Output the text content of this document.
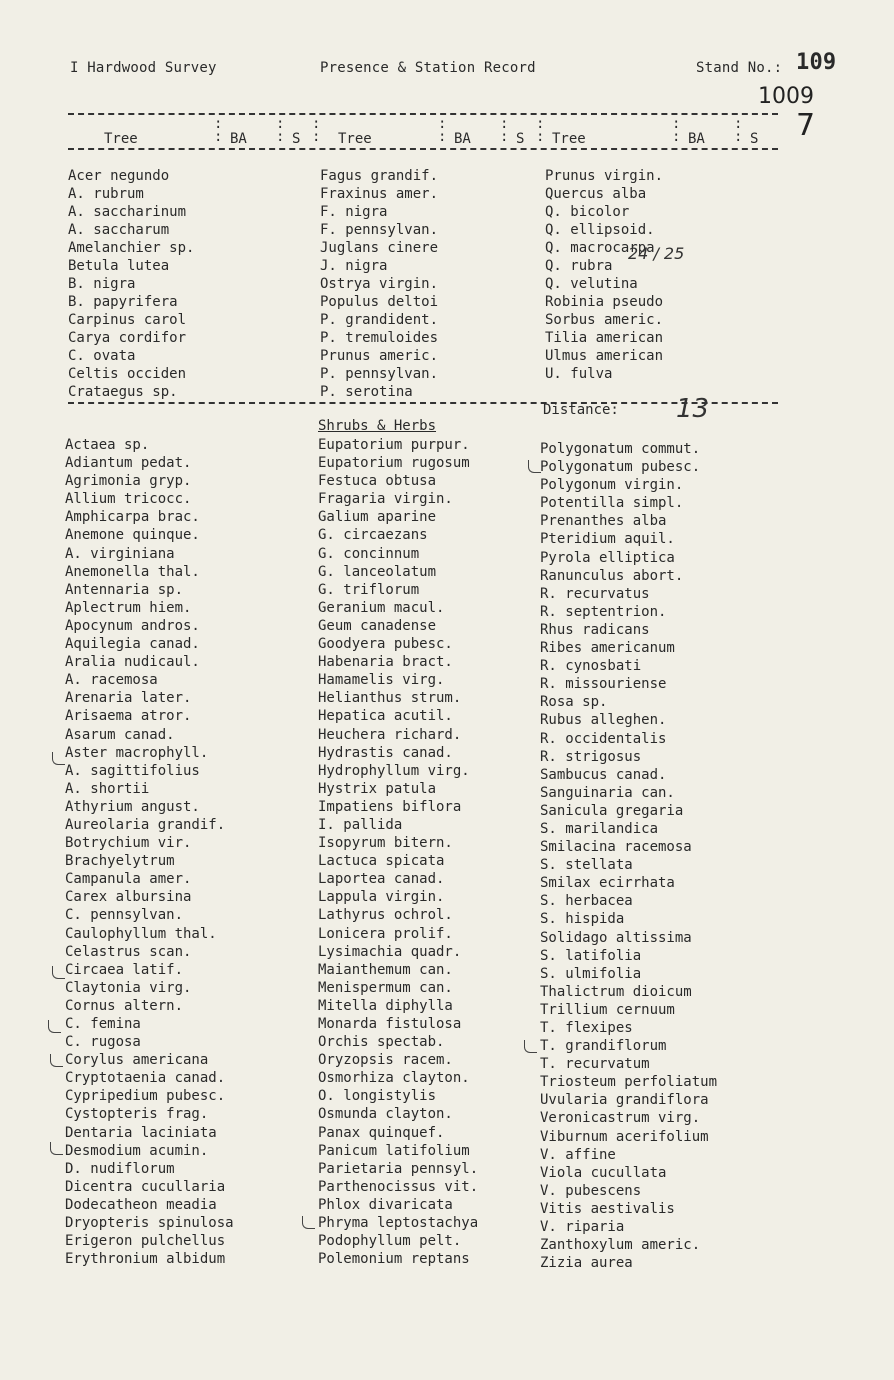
I Hardwood Survey	Presence & Station Record	Stand No.: 109
1009
7
Tree	BA	S	Tree	BA	S Tree	BA	S
:
:
:
:
:
:
:
:
:
:
:
:
:
:
:
:
Acer negundo
A. rubrum
A. saccharinum
A. saccharum
Amelanchier sp.
Betula lutea
B. nigra
B. papyrifera
Carpinus carol
Carya cordifor
C. ovata
Celtis occiden
Crataegus sp.
Fagus grandif.
Fraxinus amer.
F. nigra
F. pennsylvan.
Juglans cinere
J. nigra
Ostrya virgin.
Populus deltoi
P. grandident.
P. tremuloides
Prunus americ.
P. pennsylvan.
P. serotina
Prunus virgin.
Quercus alba
Q. bicolor
Q. ellipsoid.
Q. macrocarpa
Q. rubra
Q. velutina
Robinia pseudo
Sorbus americ.
Tilia american
Ulmus american
U. fulva
24 / 25
Distance: 13
Shrubs & Herbs
Actaea sp.
Adiantum pedat.
Agrimonia gryp.
Allium tricocc.
Amphicarpa brac.
Anemone quinque.
A. virginiana
Anemonella thal.
Antennaria sp.
Aplectrum hiem.
Apocynum andros.
Aquilegia canad.
Aralia nudicaul.
A. racemosa
Arenaria later.
Arisaema atror.
Asarum canad.
Aster macrophyll.
A. sagittifolius
A. shortii
Athyrium angust.
Aureolaria grandif.
Botrychium vir.
Brachyelytrum
Campanula amer.
Carex albursina
C. pennsylvan.
Caulophyllum thal.
Celastrus scan.
Circaea latif.
Claytonia virg.
Cornus altern.
C. femina
C. rugosa
Corylus americana
Cryptotaenia canad.
Cypripedium pubesc.
Cystopteris frag.
Dentaria laciniata
Desmodium acumin.
D. nudiflorum
Dicentra cucullaria
Dodecatheon meadia
Dryopteris spinulosa
Erigeron pulchellus
Erythronium albidum
Eupatorium purpur.
Eupatorium rugosum
Festuca obtusa
Fragaria virgin.
Galium aparine
G. circaezans
G. concinnum
G. lanceolatum
G. triflorum
Geranium macul.
Geum canadense
Goodyera pubesc.
Habenaria bract.
Hamamelis virg.
Helianthus strum.
Hepatica acutil.
Heuchera richard.
Hydrastis canad.
Hydrophyllum virg.
Hystrix patula
Impatiens biflora
I. pallida
Isopyrum bitern.
Lactuca spicata
Laportea canad.
Lappula virgin.
Lathyrus ochrol.
Lonicera prolif.
Lysimachia quadr.
Maianthemum can.
Menispermum can.
Mitella diphylla
Monarda fistulosa
Orchis spectab.
Oryzopsis racem.
Osmorhiza clayton.
O. longistylis
Osmunda clayton.
Panax quinquef.
Panicum latifolium
Parietaria pennsyl.
Parthenocissus vit.
Phlox divaricata
Phryma leptostachya
Podophyllum pelt.
Polemonium reptans
Polygonatum commut.
Polygonatum pubesc.
Polygonum virgin.
Potentilla simpl.
Prenanthes alba
Pteridium aquil.
Pyrola elliptica
Ranunculus abort.
R. recurvatus
R. septentrion.
Rhus radicans
Ribes americanum
R. cynosbati
R. missouriense
Rosa sp.
Rubus alleghen.
R. occidentalis
R. strigosus
Sambucus canad.
Sanguinaria can.
Sanicula gregaria
S. marilandica
Smilacina racemosa
S. stellata
Smilax ecirrhata
S. herbacea
S. hispida
Solidago altissima
S. latifolia
S. ulmifolia
Thalictrum dioicum
Trillium cernuum
T. flexipes
T. grandiflorum
T. recurvatum
Triosteum perfoliatum
Uvularia grandiflora
Veronicastrum virg.
Viburnum acerifolium
V. affine
Viola cucullata
V. pubescens
Vitis aestivalis
V. riparia
Zanthoxylum americ.
Zizia aurea
